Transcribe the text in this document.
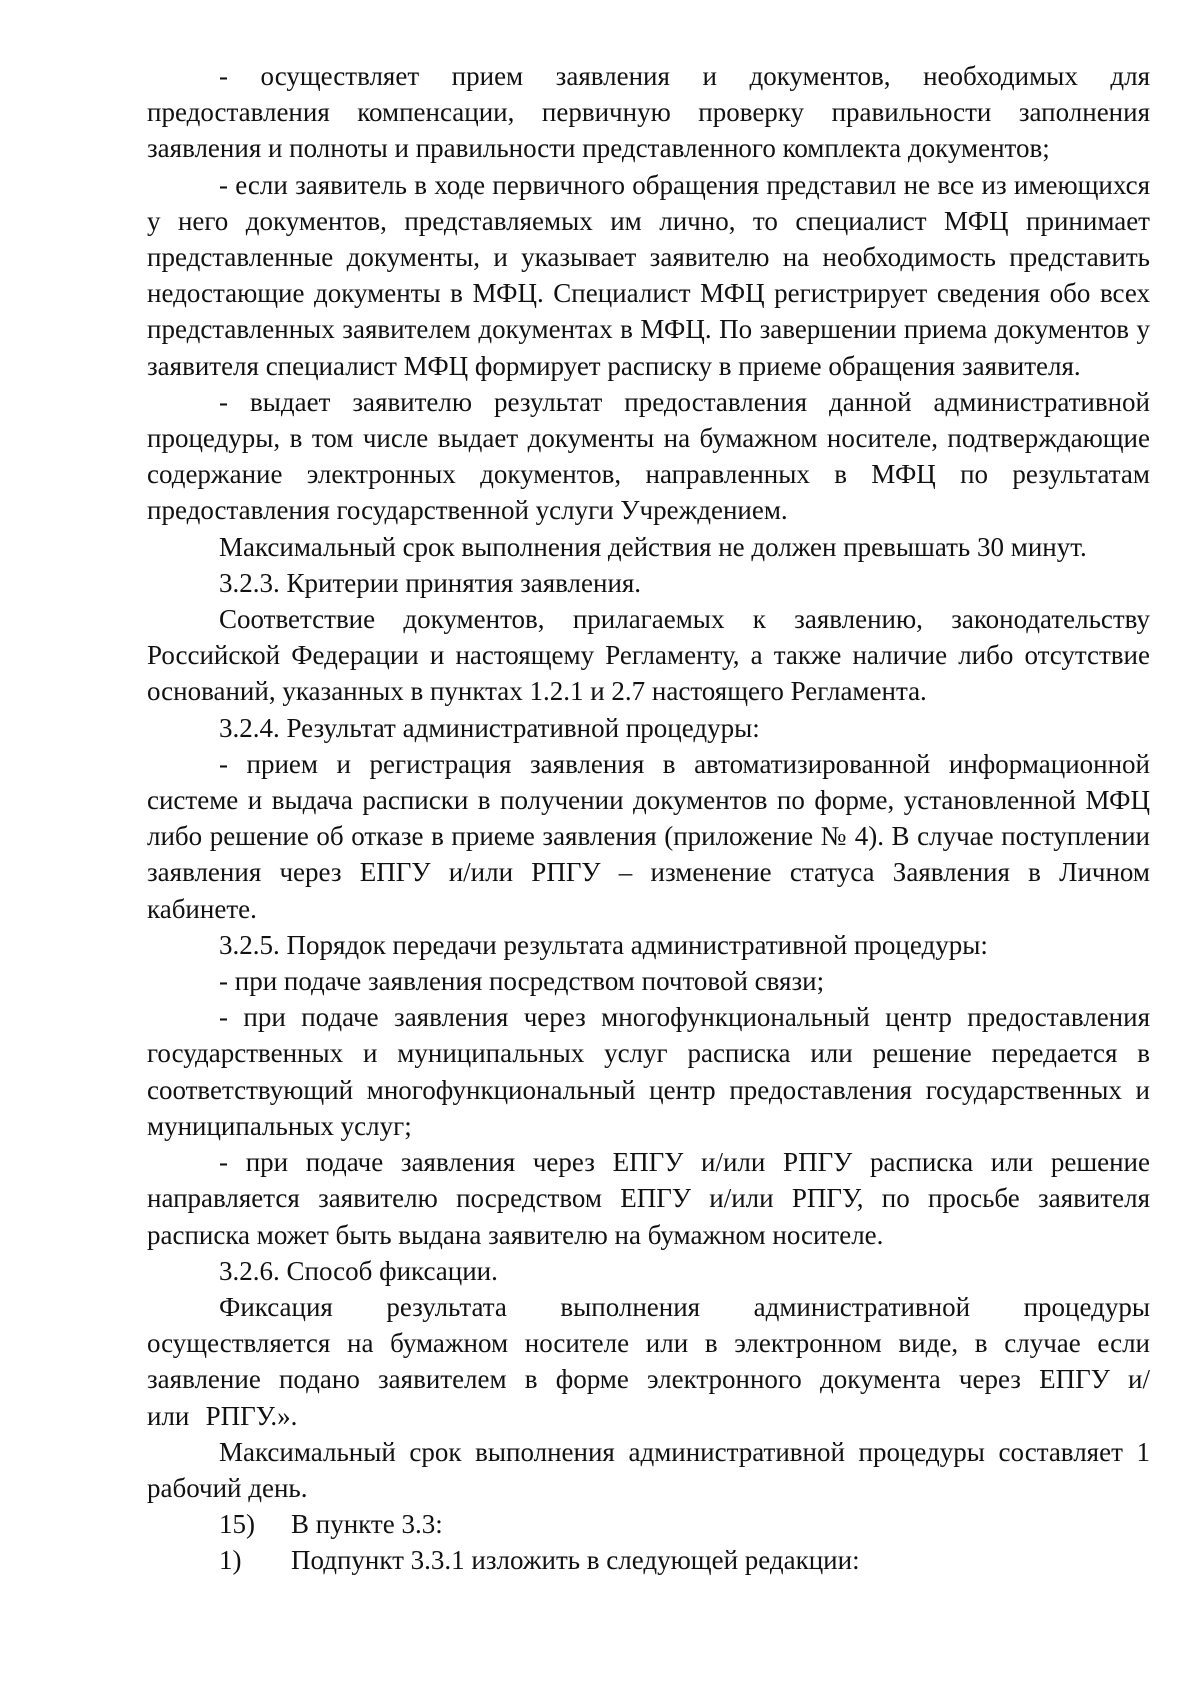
- осуществляет прием заявления и документов, необходимых для предоставления компенсации, первичную проверку правильности заполнения заявления и полноты и правильности представленного комплекта документов;

- если заявитель в ходе первичного обращения представил не все из имеющихся у него документов, представляемых им лично, то специалист МФЦ принимает представленные документы, и указывает заявителю на необходимость представить недостающие документы в МФЦ. Специалист МФЦ регистрирует сведения обо всех представленных заявителем документах в МФЦ. По завершении приема документов у заявителя специалист МФЦ формирует расписку в приеме обращения заявителя.

- выдает заявителю результат предоставления данной административной процедуры, в том числе выдает документы на бумажном носителе, подтверждающие содержание электронных документов, направленных в МФЦ по результатам предоставления государственной услуги Учреждением.

Максимальный срок выполнения действия не должен превышать 30 минут.

3.2.3. Критерии принятия заявления.

Соответствие документов, прилагаемых к заявлению, законодательству Российской Федерации и настоящему Регламенту, а также наличие либо отсутствие оснований, указанных в пунктах 1.2.1 и 2.7 настоящего Регламента.

3.2.4. Результат административной процедуры:

- прием и регистрация заявления в автоматизированной информационной системе и выдача расписки в получении документов по форме, установленной МФЦ либо решение об отказе в приеме заявления (приложение № 4). В случае поступлении заявления через ЕПГУ и/или РПГУ – изменение статуса Заявления в Личном кабинете.

3.2.5. Порядок передачи результата административной процедуры:

- при подаче заявления посредством почтовой связи;

- при подаче заявления через многофункциональный центр предоставления государственных и муниципальных услуг расписка или решение передается в соответствующий многофункциональный центр предоставления государственных и муниципальных услуг;

- при подаче заявления через ЕПГУ и/или РПГУ расписка или решение направляется заявителю посредством ЕПГУ и/или РПГУ, по просьбе заявителя расписка может быть выдана заявителю на бумажном носителе.

3.2.6. Способ фиксации.

Фиксация результата выполнения административной процедуры осуществляется на бумажном носителе или в электронном виде, в случае если заявление подано заявителем в форме электронного документа через ЕПГУ и/или РПГУ.».

Максимальный срок выполнения административной процедуры составляет 1 рабочий день.

15) В пункте 3.3:

1) Подпункт 3.3.1 изложить в следующей редакции:
